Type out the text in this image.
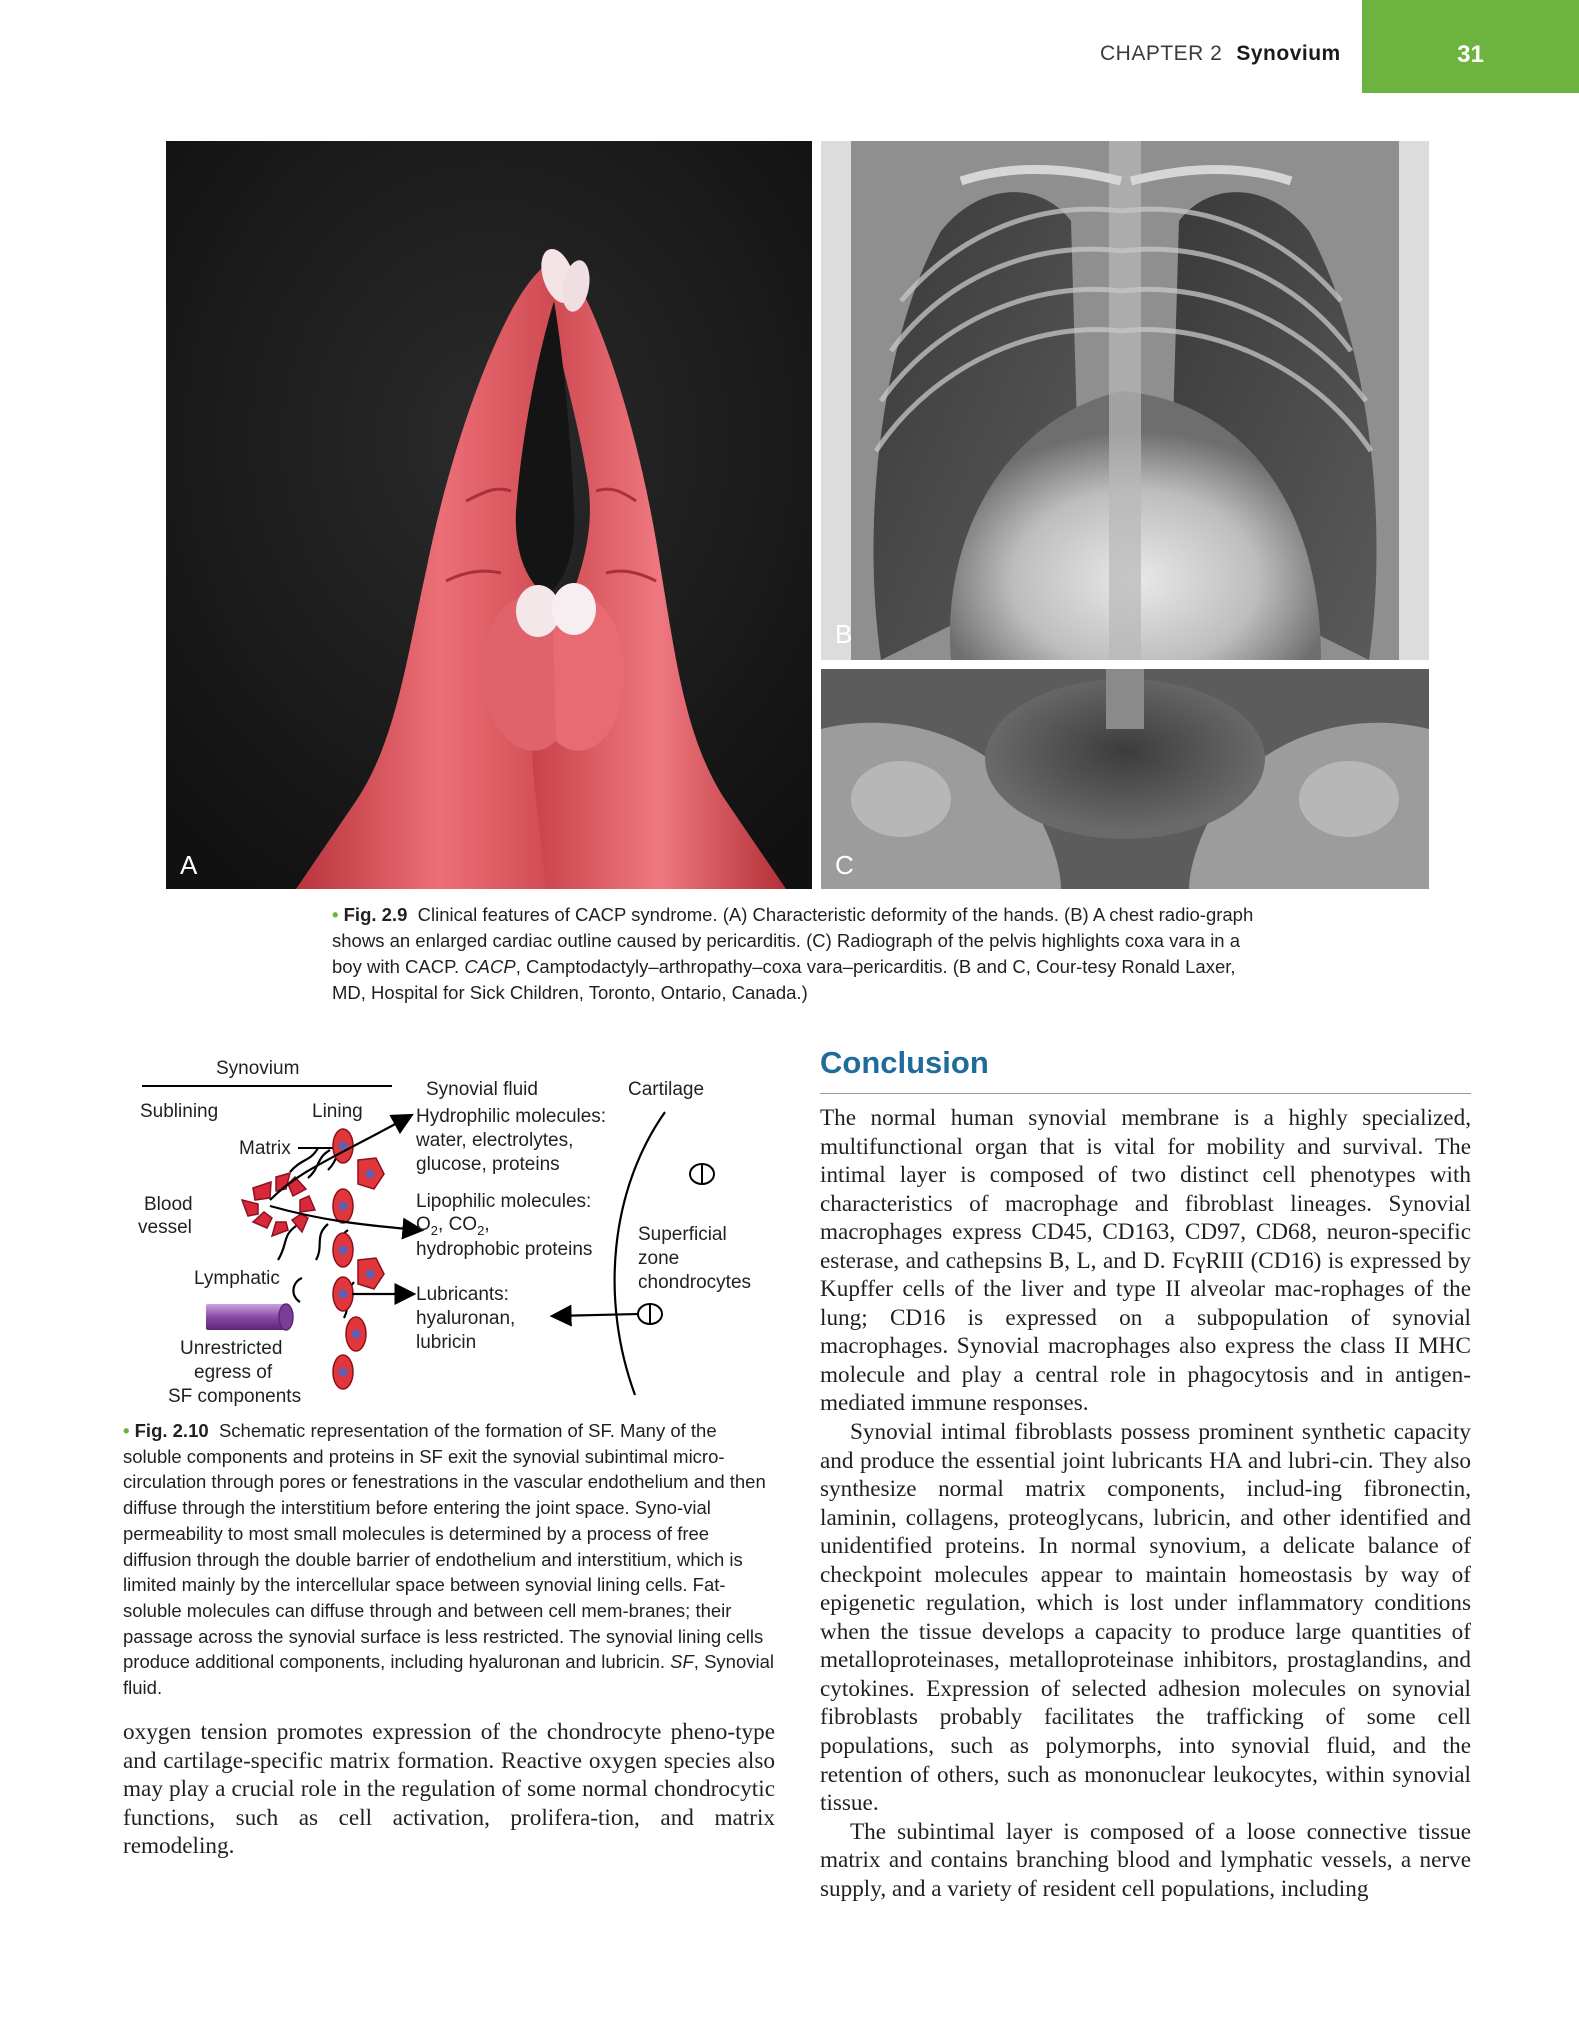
CHAPTER 2 Synovium	31
A
B
C
• Fig. 2.9 Clinical features of CACP syndrome. (A) Characteristic deformity of the hands. (B) A chest radio-graph shows an enlarged cardiac outline caused by pericarditis. (C) Radiograph of the pelvis highlights coxa vara in a boy with CACP. CACP, Camptodactyly–arthropathy–coxa vara–pericarditis. (B and C, Cour-tesy Ronald Laxer, MD, Hospital for Sick Children, Toronto, Ontario, Canada.)
Synovium
Sublining	Lining
Synovial fluid	Cartilage
Matrix
Blood
vessel
Hydrophilic molecules:
water, electrolytes,
glucose, proteins
Lipophilic molecules:
$O_2$, $CO_2$,
hydrophobic proteins
Lubricants:
hyaluronan,
lubricin
Superficial
zone
chondrocytes
Lymphatic
Unrestricted
egress of
SF components
• Fig. 2.10 Schematic representation of the formation of SF. Many of the soluble components and proteins in SF exit the synovial subintimal micro-circulation through pores or fenestrations in the vascular endothelium and then diffuse through the interstitium before entering the joint space. Syno-vial permeability to most small molecules is determined by a process of free diffusion through the double barrier of endothelium and interstitium, which is limited mainly by the intercellular space between synovial lining cells. Fat-soluble molecules can diffuse through and between cell mem-branes; their passage across the synovial surface is less restricted. The synovial lining cells produce additional components, including hyaluronan and lubricin. SF, Synovial fluid.
Conclusion

The normal human synovial membrane is a highly specialized, multifunctional organ that is vital for mobility and survival. The intimal layer is composed of two distinct cell phenotypes with characteristics of macrophage and fibroblast lineages. Synovial macrophages express CD45, CD163, CD97, CD68, neuron-specific esterase, and cathepsins B, L, and D. FcγRIII (CD16) is expressed by Kupffer cells of the liver and type II alveolar mac-rophages of the lung; CD16 is expressed on a subpopulation of synovial macrophages. Synovial macrophages also express the class II MHC molecule and play a central role in phagocytosis and in antigen-mediated immune responses.

Synovial intimal fibroblasts possess prominent synthetic capacity and produce the essential joint lubricants HA and lubri-cin. They also synthesize normal matrix components, includ-ing fibronectin, laminin, collagens, proteoglycans, lubricin, and other identified and unidentified proteins. In normal synovium, a delicate balance of checkpoint molecules appear to maintain homeostasis by way of epigenetic regulation, which is lost under inflammatory conditions when the tissue develops a capacity to produce large quantities of metalloproteinases, metalloproteinase inhibitors, prostaglandins, and cytokines. Expression of selected adhesion molecules on synovial fibroblasts probably facilitates the trafficking of some cell populations, such as polymorphs, into synovial fluid, and the retention of others, such as mononuclear leukocytes, within synovial tissue.

The subintimal layer is composed of a loose connective tissue matrix and contains branching blood and lymphatic vessels, a nerve supply, and a variety of resident cell populations, including

oxygen tension promotes expression of the chondrocyte pheno-type and cartilage-specific matrix formation. Reactive oxygen species also may play a crucial role in the regulation of some normal chondrocytic functions, such as cell activation, prolifera-tion, and matrix remodeling.
